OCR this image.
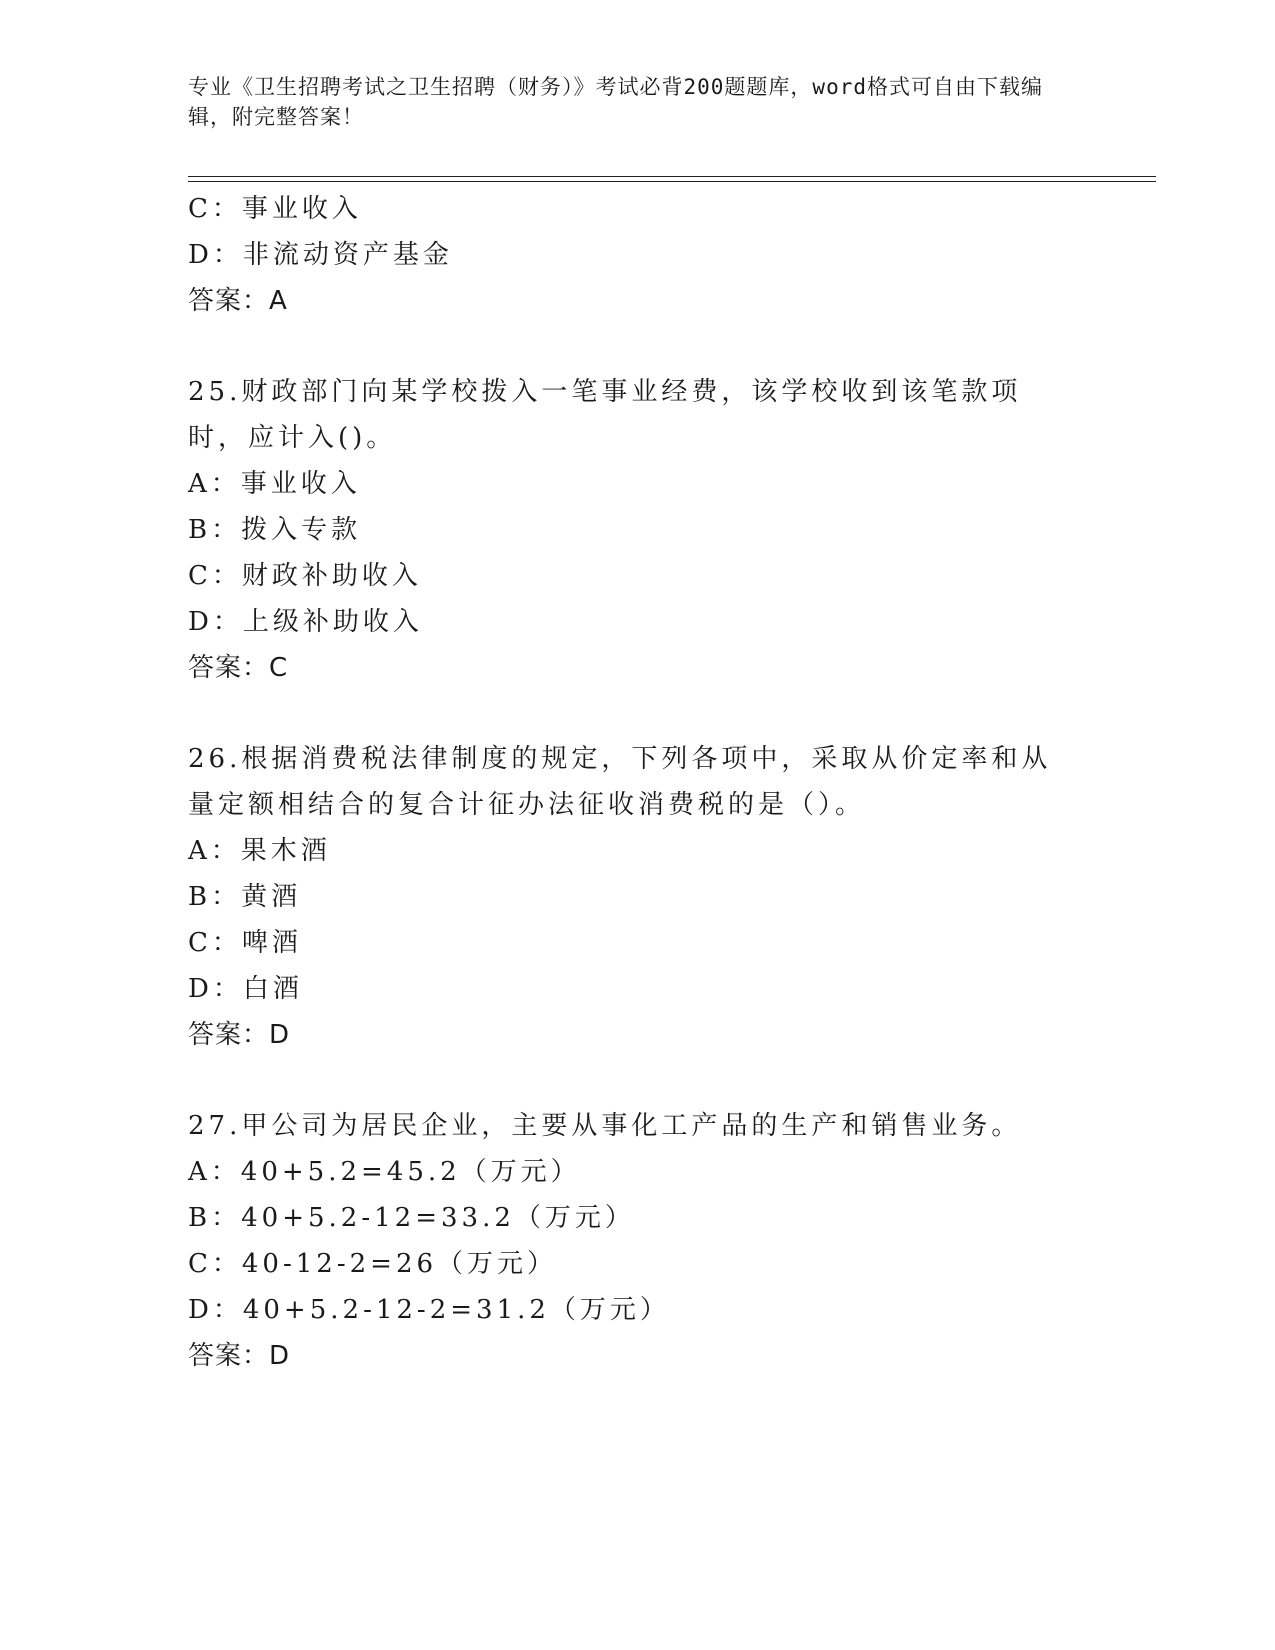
专业《卫生招聘考试之卫生招聘（财务）》考试必背200题题库，word格式可自由下载编辑，附完整答案！
C：事业收入
D：非流动资产基金
答案：A
25.财政部门向某学校拨入一笔事业经费，该学校收到该笔款项时，应计入()。
A：事业收入
B：拨入专款
C：财政补助收入
D：上级补助收入
答案：C
26.根据消费税法律制度的规定，下列各项中，采取从价定率和从量定额相结合的复合计征办法征收消费税的是（）。
A：果木酒
B：黄酒
C：啤酒
D：白酒
答案：D
27.甲公司为居民企业，主要从事化工产品的生产和销售业务。
A：40+5.2=45.2（万元）
B：40+5.2-12=33.2（万元）
C：40-12-2=26（万元）
D：40+5.2-12-2=31.2（万元）
答案：D
